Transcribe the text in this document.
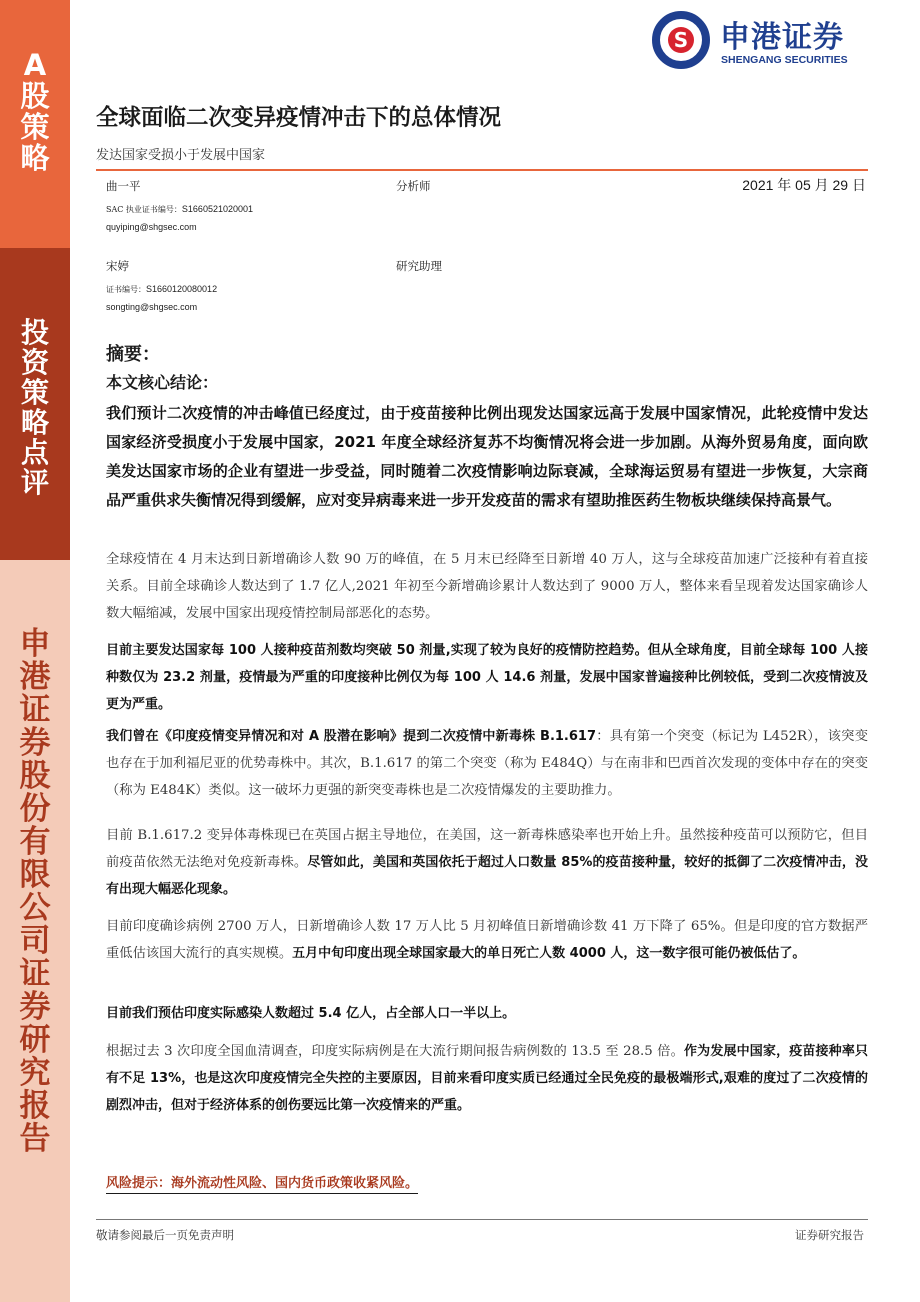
A
股
策
略
投
资
策
略
点
评
申
港
证
券
股
份
有
限
公
司
证
券
研
究
报
告
S 申港证券
SHENGANG SECURITIES
全球面临二次变异疫情冲击下的总体情况
发达国家受损小于发展中国家
曲一平	分析师	2021 年 05 月 29 日
SAC 执业证书编号：S1660521020001
quyiping@shgsec.com
宋婷	研究助理
证书编号：S1660120080012
songting@shgsec.com
摘要：
本文核心结论：
我们预计二次疫情的冲击峰值已经度过，由于疫苗接种比例出现发达国家远高于发展中国家情况，此轮疫情中发达国家经济受损度小于发展中国家，2021 年度全球经济复苏不均衡情况将会进一步加剧。从海外贸易角度，面向欧美发达国家市场的企业有望进一步受益，同时随着二次疫情影响边际衰减，全球海运贸易有望进一步恢复，大宗商品严重供求失衡情况得到缓解，应对变异病毒来进一步开发疫苗的需求有望助推医药生物板块继续保持高景气。
全球疫情在 4 月末达到日新增确诊人数 90 万的峰值，在 5 月末已经降至日新增 40 万人，这与全球疫苗加速广泛接种有着直接关系。目前全球确诊人数达到了 1.7 亿人,2021 年初至今新增确诊累计人数达到了 9000 万人，整体来看呈现着发达国家确诊人数大幅缩减，发展中国家出现疫情控制局部恶化的态势。
目前主要发达国家每 100 人接种疫苗剂数均突破 50 剂量,实现了较为良好的疫情防控趋势。但从全球角度，目前全球每 100 人接种数仅为 23.2 剂量，疫情最为严重的印度接种比例仅为每 100 人 14.6 剂量，发展中国家普遍接种比例较低，受到二次疫情波及更为严重。
我们曾在《印度疫情变异情况和对 A 股潜在影响》提到二次疫情中新毒株 B.1.617：具有第一个突变（标记为 L452R），该突变也存在于加利福尼亚的优势毒株中。其次，B.1.617 的第二个突变（称为 E484Q）与在南非和巴西首次发现的变体中存在的突变（称为 E484K）类似。这一破坏力更强的新突变毒株也是二次疫情爆发的主要助推力。
目前 B.1.617.2 变异体毒株现已在英国占据主导地位，在美国，这一新毒株感染率也开始上升。虽然接种疫苗可以预防它，但目前疫苗依然无法绝对免疫新毒株。尽管如此，美国和英国依托于超过人口数量 85%的疫苗接种量，较好的抵御了二次疫情冲击，没有出现大幅恶化现象。
目前印度确诊病例 2700 万人，日新增确诊人数 17 万人比 5 月初峰值日新增确诊数 41 万下降了 65%。但是印度的官方数据严重低估该国大流行的真实规模。五月中旬印度出现全球国家最大的单日死亡人数 4000 人，这一数字很可能仍被低估了。
目前我们预估印度实际感染人数超过 5.4 亿人，占全部人口一半以上。
根据过去 3 次印度全国血清调查，印度实际病例是在大流行期间报告病例数的 13.5 至 28.5 倍。作为发展中国家，疫苗接种率只有不足 13%，也是这次印度疫情完全失控的主要原因，目前来看印度实质已经通过全民免疫的最极端形式,艰难的度过了二次疫情的剧烈冲击，但对于经济体系的创伤要远比第一次疫情来的严重。
风险提示：海外流动性风险、国内货币政策收紧风险。
敬请参阅最后一页免责声明	证券研究报告
